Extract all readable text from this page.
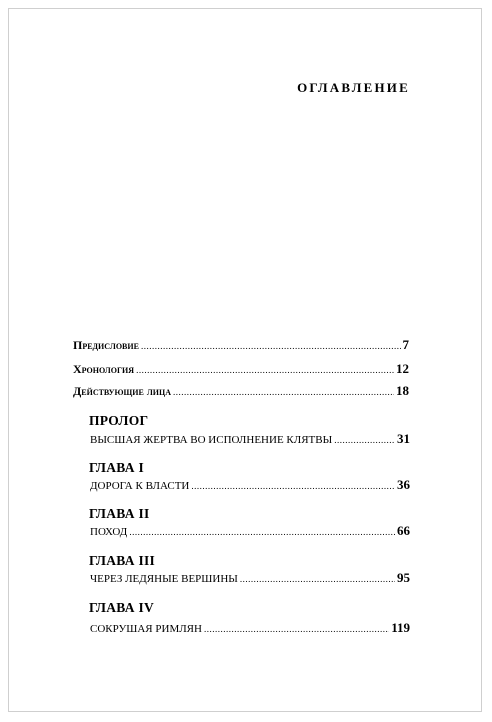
ОГЛАВЛЕНИЕ
Предисловие .....	7
Хронология .....	12
Действующие лица .....	18
ПРОЛОГ
ВЫСШАЯ ЖЕРТВА ВО ИСПОЛНЕНИЕ КЛЯТВЫ .....	31
ГЛАВА I
ДОРОГА К ВЛАСТИ .....	36
ГЛАВА II
ПОХОД .....	66
ГЛАВА III
ЧЕРЕЗ ЛЕДЯНЫЕ ВЕРШИНЫ .....	95
ГЛАВА IV
СОКРУШАЯ РИМЛЯН .....	119
